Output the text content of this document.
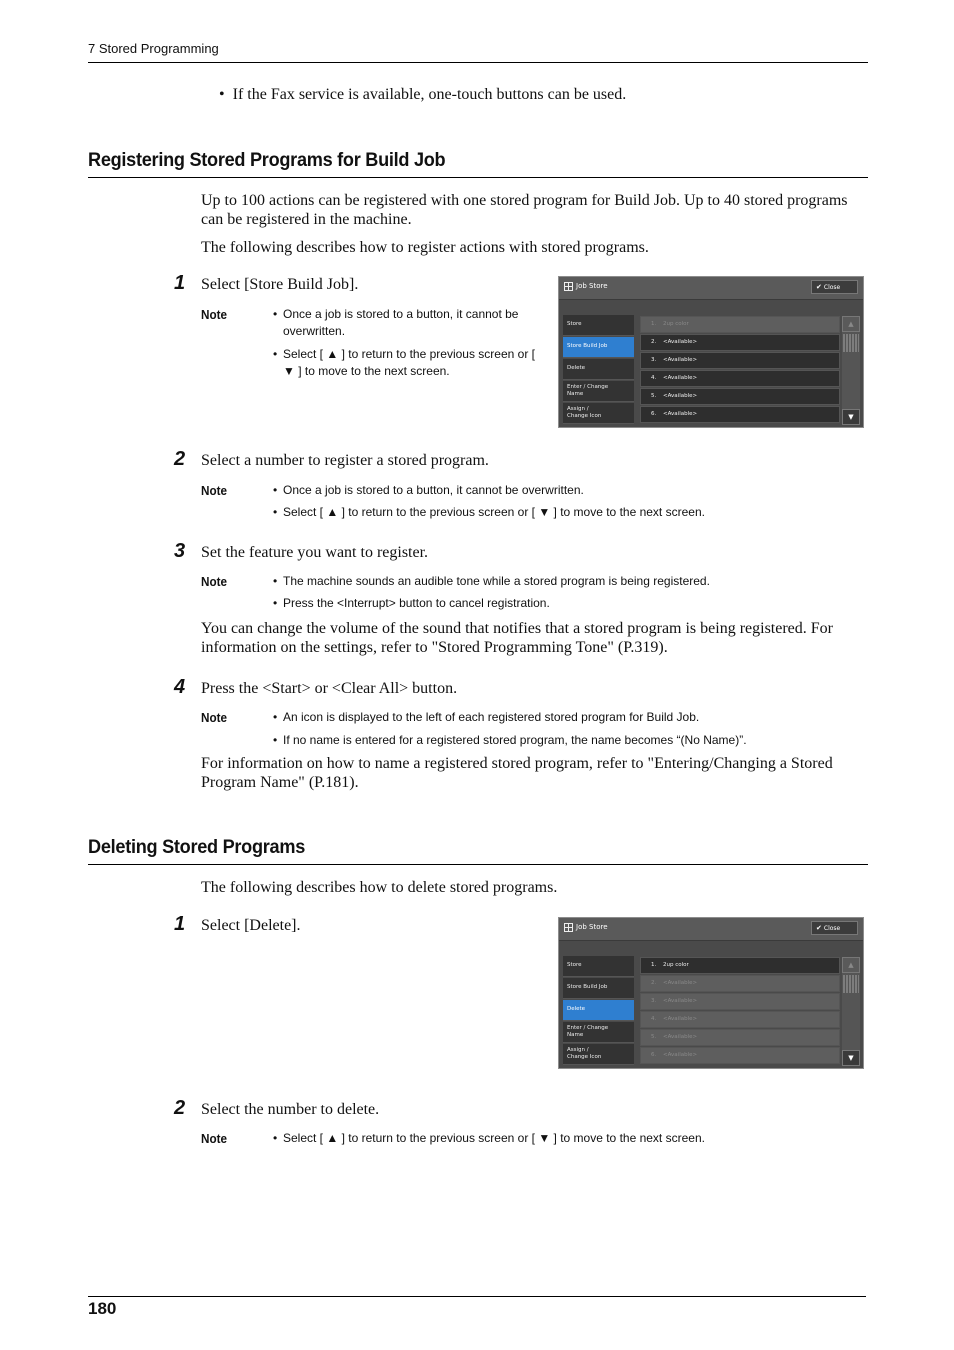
7 Stored Programming
•  If the Fax service is available, one-touch buttons can be used.
Registering Stored Programs for Build Job
Up to 100 actions can be registered with one stored program for Build Job. Up to 40 stored programs can be registered in the machine.
The following describes how to register actions with stored programs.
1 Select [Store Build Job].
Note	• Once a job is stored to a button, it cannot be overwritten.
• Select [ ▲ ] to return to the previous screen or [ ▼ ] to move to the next screen.
Job Store	✔ Close
Store
Store Build Job
Delete
Enter / Change
Name
Assign /
Change Icon
1. 2up color
2. <Available>
3. <Available>
4. <Available>
5. <Available>
6. <Available>
▲
▼
2 Select a number to register a stored program.
Note	• Once a job is stored to a button, it cannot be overwritten.
• Select [ ▲ ] to return to the previous screen or [ ▼ ] to move to the next screen.
3 Set the feature you want to register.
Note	• The machine sounds an audible tone while a stored program is being registered.
• Press the <Interrupt> button to cancel registration.
You can change the volume of the sound that notifies that a stored program is being registered. For information on the settings, refer to "Stored Programming Tone" (P.319).
4 Press the <Start> or <Clear All> button.
Note	• An icon is displayed to the left of each registered stored program for Build Job.
• If no name is entered for a registered stored program, the name becomes “(No Name)”.
For information on how to name a registered stored program, refer to "Entering/Changing a Stored Program Name" (P.181).
Deleting Stored Programs
The following describes how to delete stored programs.
1 Select [Delete].	Job Store	✔ Close
Store
Store Build Job
Delete
Enter / Change
Name
Assign /
Change Icon
1. 2up color
2. <Available>
3. <Available>
4. <Available>
5. <Available>
6. <Available>
▲
▼
2 Select the number to delete.
Note	• Select [ ▲ ] to return to the previous screen or [ ▼ ] to move to the next screen.
180
